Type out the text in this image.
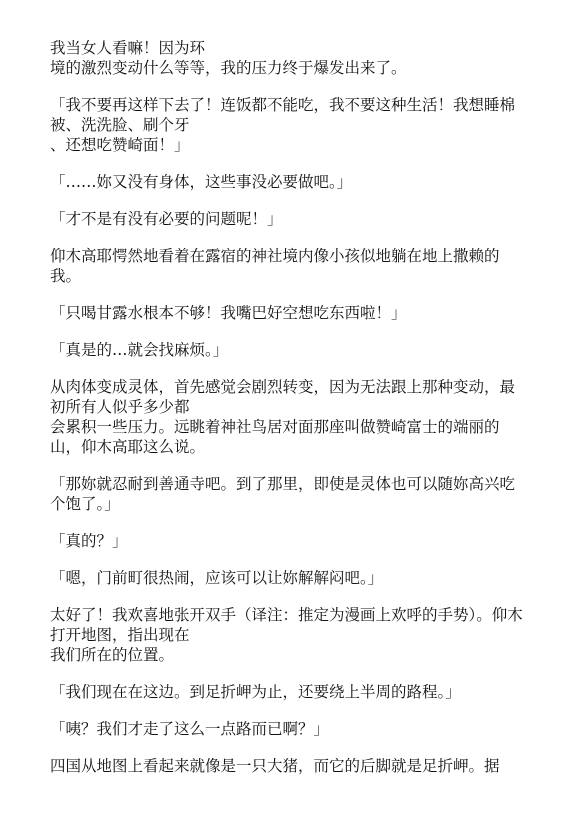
我当女人看嘛！因为环
境的激烈变动什么等等，我的压力终于爆发出来了。

「我不要再这样下去了！连饭都不能吃，我不要这种生活！我想睡棉被、洗洗脸、刷个牙
、还想吃赞崎面！」

「……妳又没有身体，这些事没必要做吧。」

「才不是有没有必要的问题呢！」

仰木高耶愕然地看着在露宿的神社境内像小孩似地躺在地上撒赖的我。

「只喝甘露水根本不够！我嘴巴好空想吃东西啦！」

「真是的…就会找麻烦。」

从肉体变成灵体，首先感觉会剧烈转变，因为无法跟上那种变动，最初所有人似乎多少都
会累积一些压力。远眺着神社鸟居对面那座叫做赞崎富士的端丽的山，仰木高耶这么说。

「那妳就忍耐到善通寺吧。到了那里，即使是灵体也可以随妳高兴吃个饱了。」

「真的？」

「嗯，门前町很热闹，应该可以让妳解解闷吧。」

太好了！我欢喜地张开双手（译注：推定为漫画上欢呼的手势）。仰木打开地图，指出现在
我们所在的位置。

「我们现在在这边。到足折岬为止，还要绕上半周的路程。」

「咦？我们才走了这么一点路而已啊？」

四国从地图上看起来就像是一只大猪，而它的后脚就是足折岬。据
